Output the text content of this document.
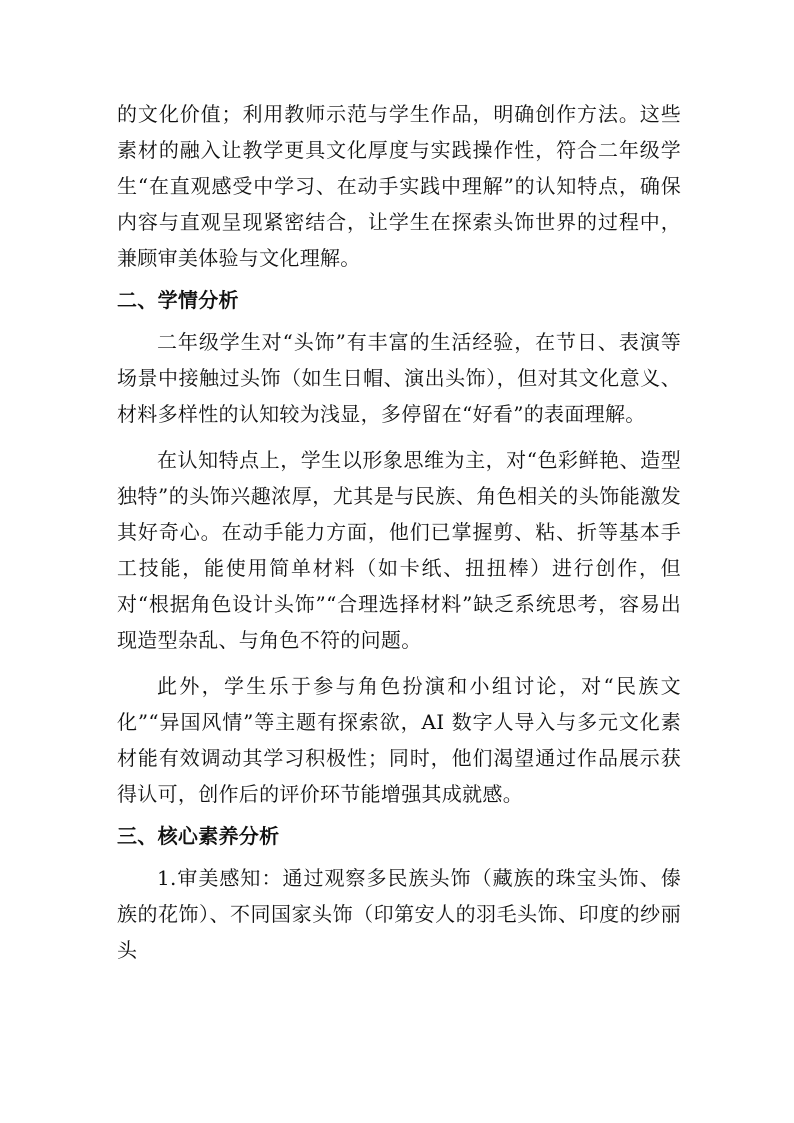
的文化价值；利用教师示范与学生作品，明确创作方法。这些素材的融入让教学更具文化厚度与实践操作性，符合二年级学生“在直观感受中学习、在动手实践中理解”的认知特点，确保内容与直观呈现紧密结合，让学生在探索头饰世界的过程中，兼顾审美体验与文化理解。

二、学情分析

二年级学生对“头饰”有丰富的生活经验，在节日、表演等场景中接触过头饰（如生日帽、演出头饰），但对其文化意义、材料多样性的认知较为浅显，多停留在“好看”的表面理解。

在认知特点上，学生以形象思维为主，对“色彩鲜艳、造型独特”的头饰兴趣浓厚，尤其是与民族、角色相关的头饰能激发其好奇心。在动手能力方面，他们已掌握剪、粘、折等基本手工技能，能使用简单材料（如卡纸、扭扭棒）进行创作，但对“根据角色设计头饰”“合理选择材料”缺乏系统思考，容易出现造型杂乱、与角色不符的问题。

此外，学生乐于参与角色扮演和小组讨论，对“民族文化”“异国风情”等主题有探索欲，AI 数字人导入与多元文化素材能有效调动其学习积极性；同时，他们渴望通过作品展示获得认可，创作后的评价环节能增强其成就感。

三、核心素养分析

1.审美感知：通过观察多民族头饰（藏族的珠宝头饰、傣族的花饰）、不同国家头饰（印第安人的羽毛头饰、印度的纱丽头
